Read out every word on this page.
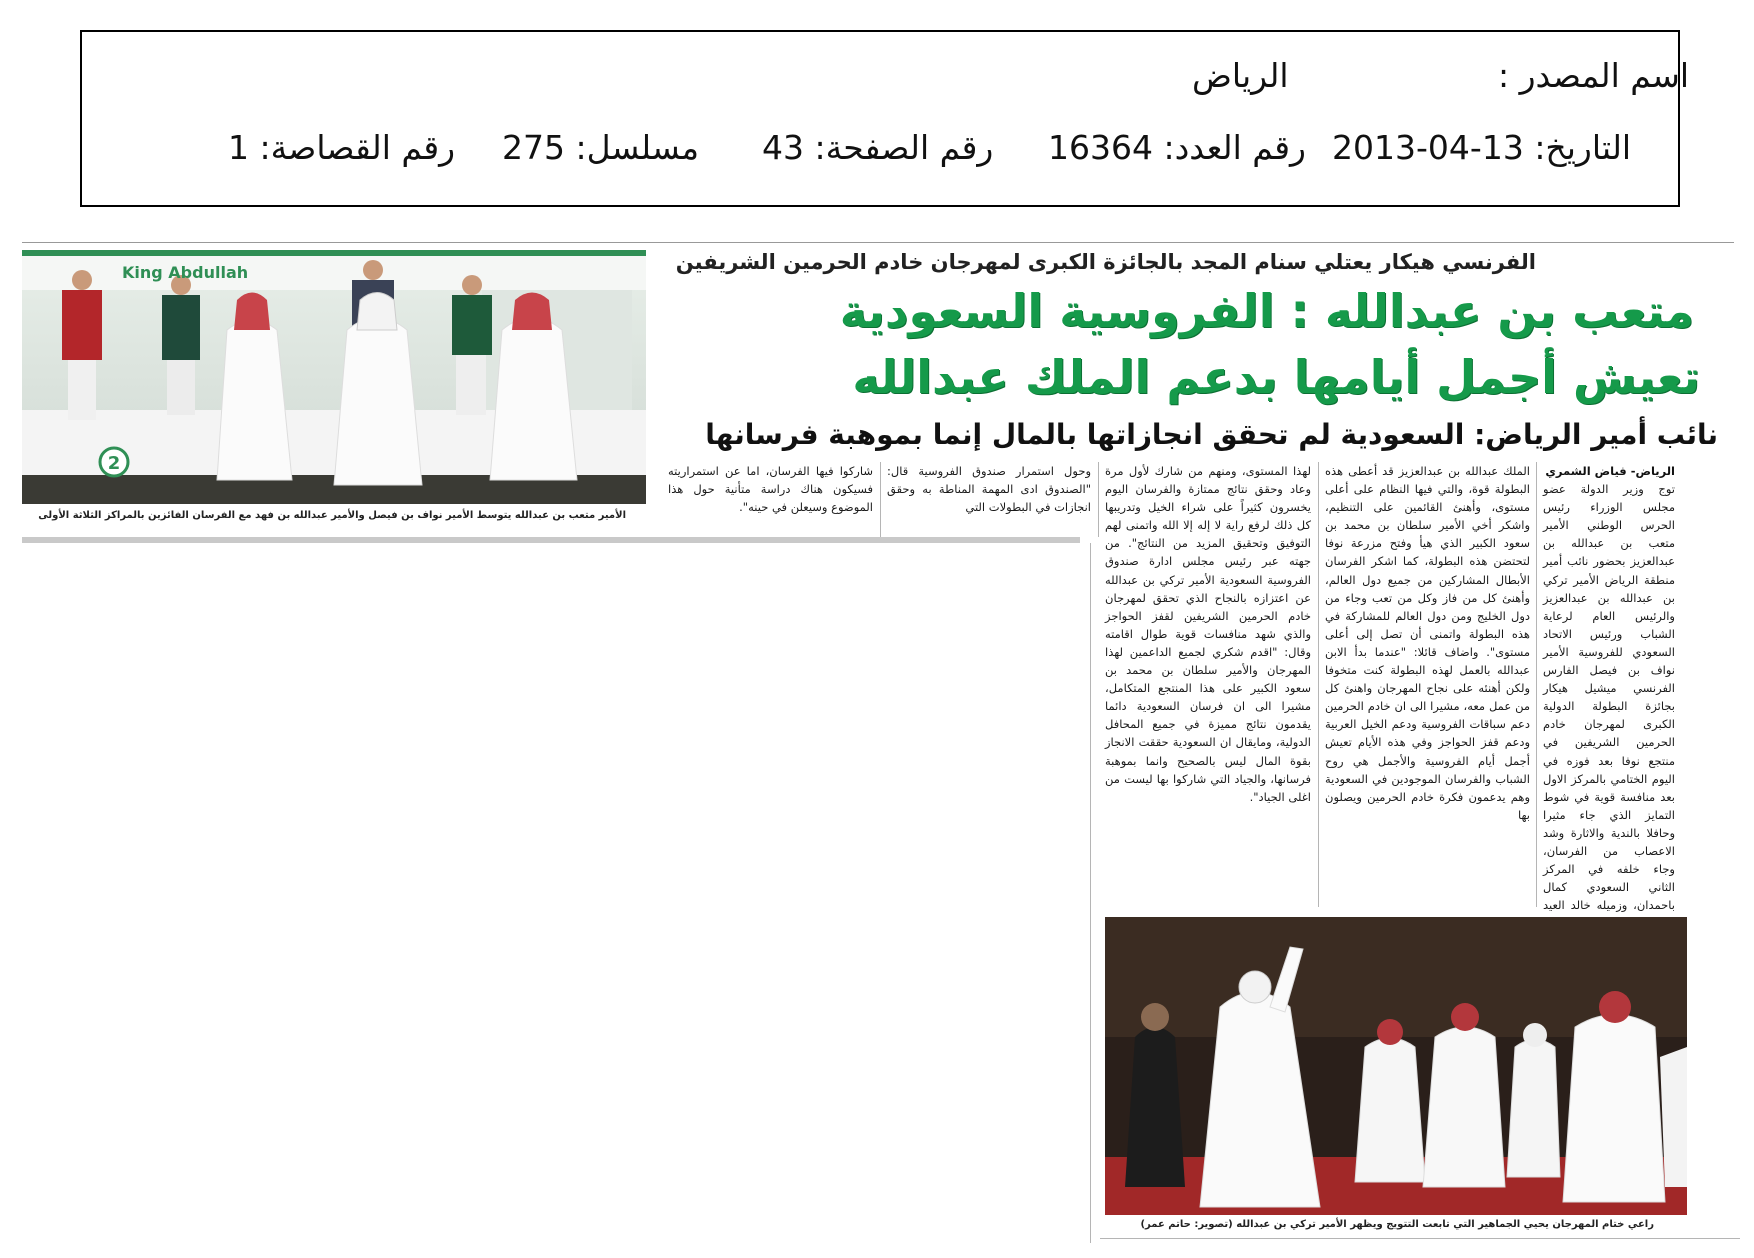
اسم المصدر :
الرياض
التاريخ: 13-04-2013
رقم العدد: 16364
رقم الصفحة: 43
مسلسل: 275
رقم القصاصة: 1
2
King Abdullah
الأمير متعب بن عبدالله يتوسط الأمير نواف بن فيصل والأمير عبدالله بن فهد مع الفرسان الفائزين بالمراكز الثلاثة الأولى
الفرنسي هيكار يعتلي سنام المجد بالجائزة الكبرى لمهرجان خادم الحرمين الشريفين
متعب بن عبدالله : الفروسية السعودية
تعيش أجمل أيامها بدعم الملك عبدالله
نائب أمير الرياض: السعودية لم تحقق انجازاتها بالمال إنما بموهبة فرسانها
الرياض- فياض الشمري
توج وزير الدولة عضو مجلس الوزراء رئيس الحرس الوطني الأمير متعب بن عبدالله بن عبدالعزيز بحضور نائب أمير منطقة الرياض الأمير تركي بن عبدالله بن عبدالعزيز والرئيس العام لرعاية الشباب ورئيس الاتحاد السعودي للفروسية الأمير نواف بن فيصل الفارس الفرنسي ميشيل هيكار بجائزة البطولة الدولية الكبرى لمهرجان خادم الحرمين الشريفين في منتجع نوفا بعد فوزه في اليوم الختامي بالمركز الاول بعد منافسة قوية في شوط التمايز الذي جاء مثيرا وحافلا بالندية والاثارة وشد الاعصاب من الفرسان، وجاء خلفه في المركز الثاني السعودي كمال باحمدان، وزميله خالد العيد
الملك عبدالله بن عبدالعزيز قد أعطى هذه البطولة قوة، والتي فيها النظام على أعلى مستوى، وأهنئ القائمين على التنظيم، واشكر أخي الأمير سلطان بن محمد بن سعود الكبير الذي هيأ وفتح مزرعة نوفا لتحتضن هذه البطولة، كما اشكر الفرسان الأبطال المشاركين من جميع دول العالم، وأهنئ كل من فاز وكل من تعب وجاء من دول الخليج ومن دول العالم للمشاركة في هذه البطولة واتمنى أن تصل إلى أعلى مستوى". واضاف قائلا: "عندما بدأ الابن عبدالله بالعمل لهذه البطولة كنت متخوفا ولكن أهنئه على نجاح المهرجان واهنئ كل من عمل معه، مشيرا الى ان خادم الحرمين دعم سباقات الفروسية ودعم الخيل العربية ودعم قفز الحواجز وفي هذه الأيام تعيش أجمل أيام الفروسية والأجمل هي روح الشباب والفرسان الموجودين في السعودية وهم يدعمون فكرة خادم الحرمين ويصلون بها
لهذا المستوى، ومنهم من شارك لأول مرة وعاد وحقق نتائج ممتازة والفرسان اليوم يخسرون كثيراً على شراء الخيل وتدريبها كل ذلك لرفع راية لا إله إلا الله واتمنى لهم التوفيق وتحقيق المزيد من النتائج". من جهته عبر رئيس مجلس ادارة صندوق الفروسية السعودية الأمير تركي بن عبدالله عن اعتزازه بالنجاح الذي تحقق لمهرجان خادم الحرمين الشريفين لقفز الحواجز والذي شهد منافسات قوية طوال اقامته وقال: "اقدم شكري لجميع الداعمين لهذا المهرجان والأمير سلطان بن محمد بن سعود الكبير على هذا المنتجع المتكامل، مشيرا الى ان فرسان السعودية دائما يقدمون نتائج مميزة في جميع المحافل الدولية، ومايقال ان السعودية حققت الانجاز بقوة المال ليس بالصحيح وانما بموهبة فرسانها، والجياد التي شاركوا بها ليست من اغلى الجياد".
وحول استمرار صندوق الفروسية قال: "الصندوق ادى المهمة المناطة به وحقق انجازات في البطولات التي
شاركوا فيها الفرسان، اما عن استمراريته فسيكون هناك دراسة متأنية حول هذا الموضوع وسيعلن في حينه".
راعي ختام المهرجان يحيي الجماهير التي تابعت التتويج ويظهر الأمير تركي بن عبدالله (تصوير: حاتم عمر)
